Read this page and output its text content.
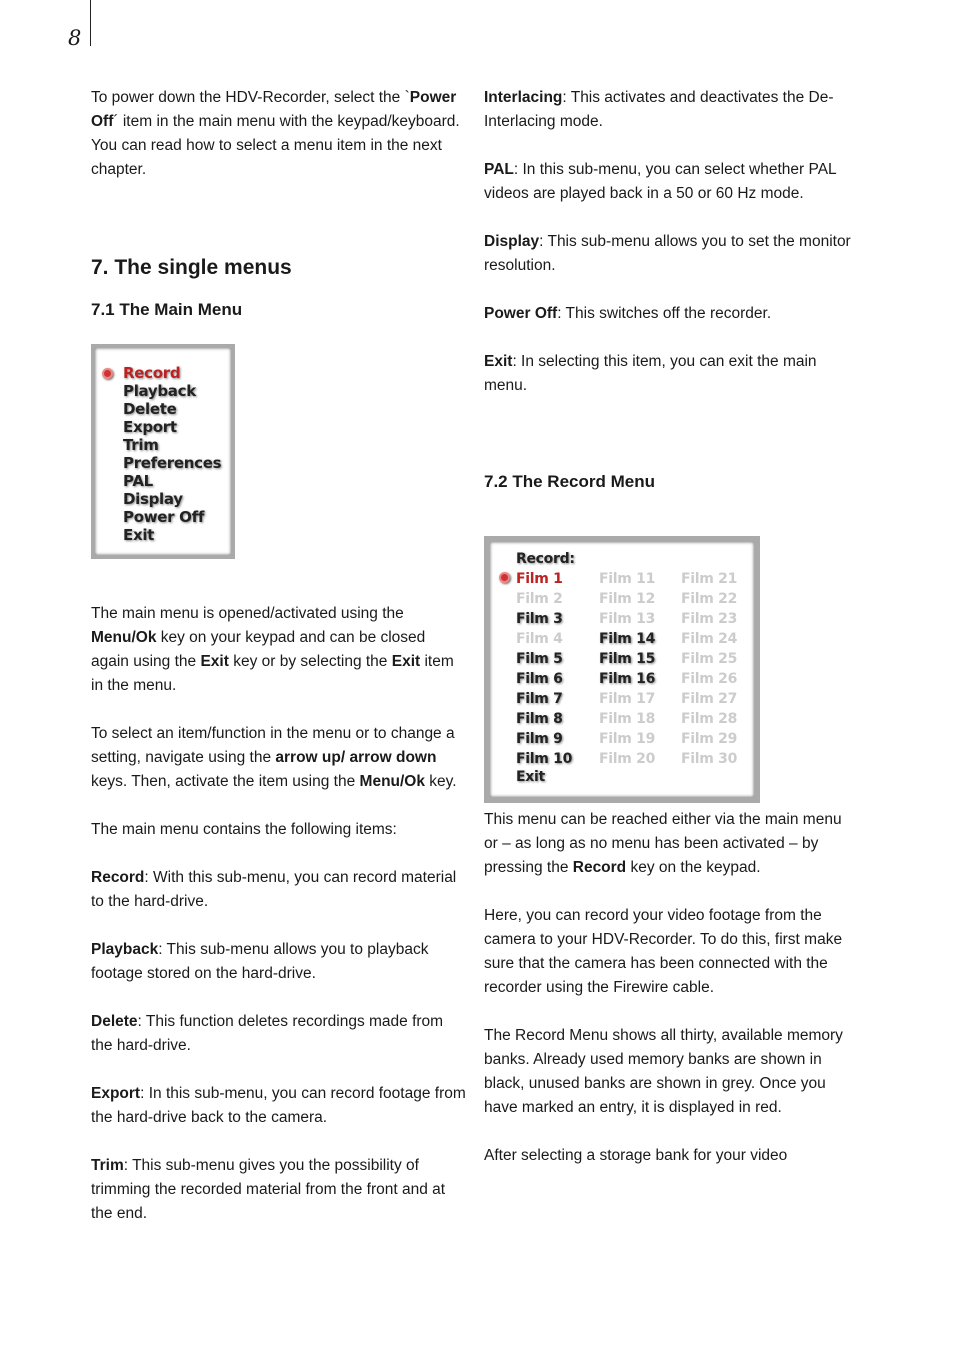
8

To power down the HDV-Recorder, select the `Power Off´ item in the main menu with the keypad/keyboard. You can read how to select a menu item in the next chapter.

7. The single menus
7.1 The Main Menu

The main menu is opened/activated using the Menu/Ok key on your keypad and can be closed again using the Exit key or by selecting the Exit item in the menu.

To select an item/function in the menu or to change a setting, navigate using the arrow up/ arrow down keys. Then, activate the item using the Menu/Ok key.

The main menu contains the following items:

Record: With this sub-menu, you can record material to the hard-drive.

Playback: This sub-menu allows you to playback footage stored on the hard-drive.

Delete: This function deletes recordings made from the hard-drive.

Export: In this sub-menu, you can record footage from the hard-drive back to the camera.

Trim: This sub-menu gives you the possibility of trimming the recorded material from the front and at the end.

Record
Playback
Delete
Export
Trim
Preferences
PAL
Display
Power Off
Exit

Interlacing: This activates and deactivates the De-Interlacing mode.

PAL: In this sub-menu, you can select whether PAL videos are played back in a 50 or 60 Hz mode.

Display: This sub-menu allows you to set the monitor resolution.

Power Off: This switches off the recorder.

Exit: In selecting this item, you can exit the main menu.

7.2 The Record Menu

This menu can be reached either via the main menu or – as long as no menu has been activated – by pressing the Record key on the keypad.

Here, you can record your video footage from the camera to your HDV-Recorder. To do this, first make sure that the camera has been connected with the recorder using the Firewire cable.

The Record Menu shows all thirty, available memory banks. Already used memory banks are shown in black, unused banks are shown in grey. Once you have marked an entry, it is displayed in red.

After selecting a storage bank for your video

Record:
Film 1
Film 2
Film 3
Film 4
Film 5
Film 6
Film 7
Film 8
Film 9
Film 10
Film 11
Film 12
Film 13
Film 14
Film 15
Film 16
Film 17
Film 18
Film 19
Film 20
Film 21
Film 22
Film 23
Film 24
Film 25
Film 26
Film 27
Film 28
Film 29
Film 30
Exit
